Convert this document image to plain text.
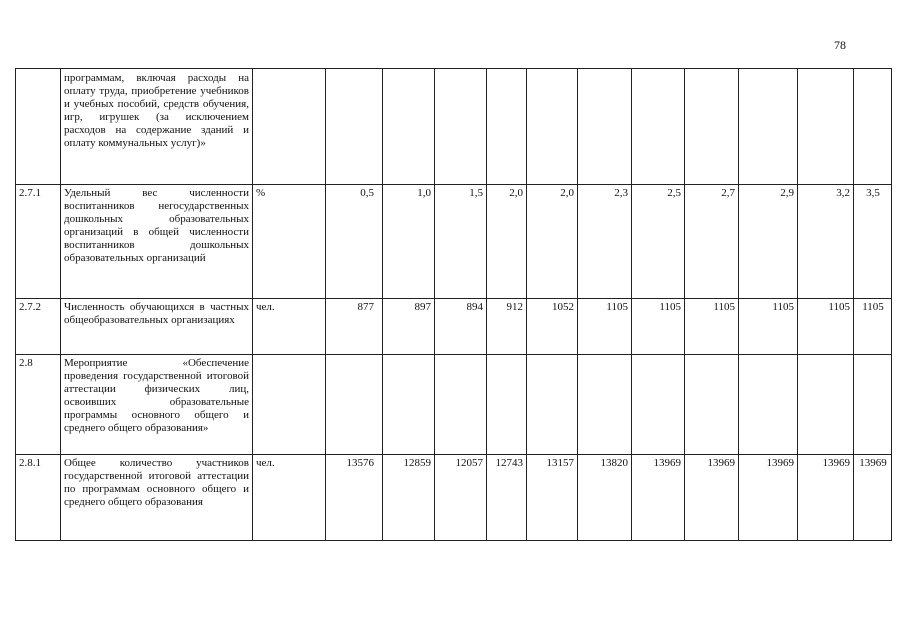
78
	программам, включая расходы на оплату труда, приобретение учебников и учебных пособий, средств обучения, игр, игрушек (за исключением расходов на содержание зданий и оплату коммунальных услуг)»												
2.7.1	Удельный вес численности воспитанников негосударственных дошкольных образовательных организаций в общей численности воспитанников дошкольных образовательных организаций	%	0,5	1,0	1,5	2,0	2,0	2,3	2,5	2,7	2,9	3,2	3,5
2.7.2	Численность обучающихся в частных общеобразовательных организациях	чел.	877	897	894	912	1052	1105	1105	1105	1105	1105	1105
2.8	Мероприятие «Обеспечение проведения государственной итоговой аттестации физических лиц, освоивших образовательные программы основного общего и среднего общего образования»												
2.8.1	Общее количество участников государственной итоговой аттестации по программам основного общего и среднего общего образования	чел.	13576	12859	12057	12743	13157	13820	13969	13969	13969	13969	13969
